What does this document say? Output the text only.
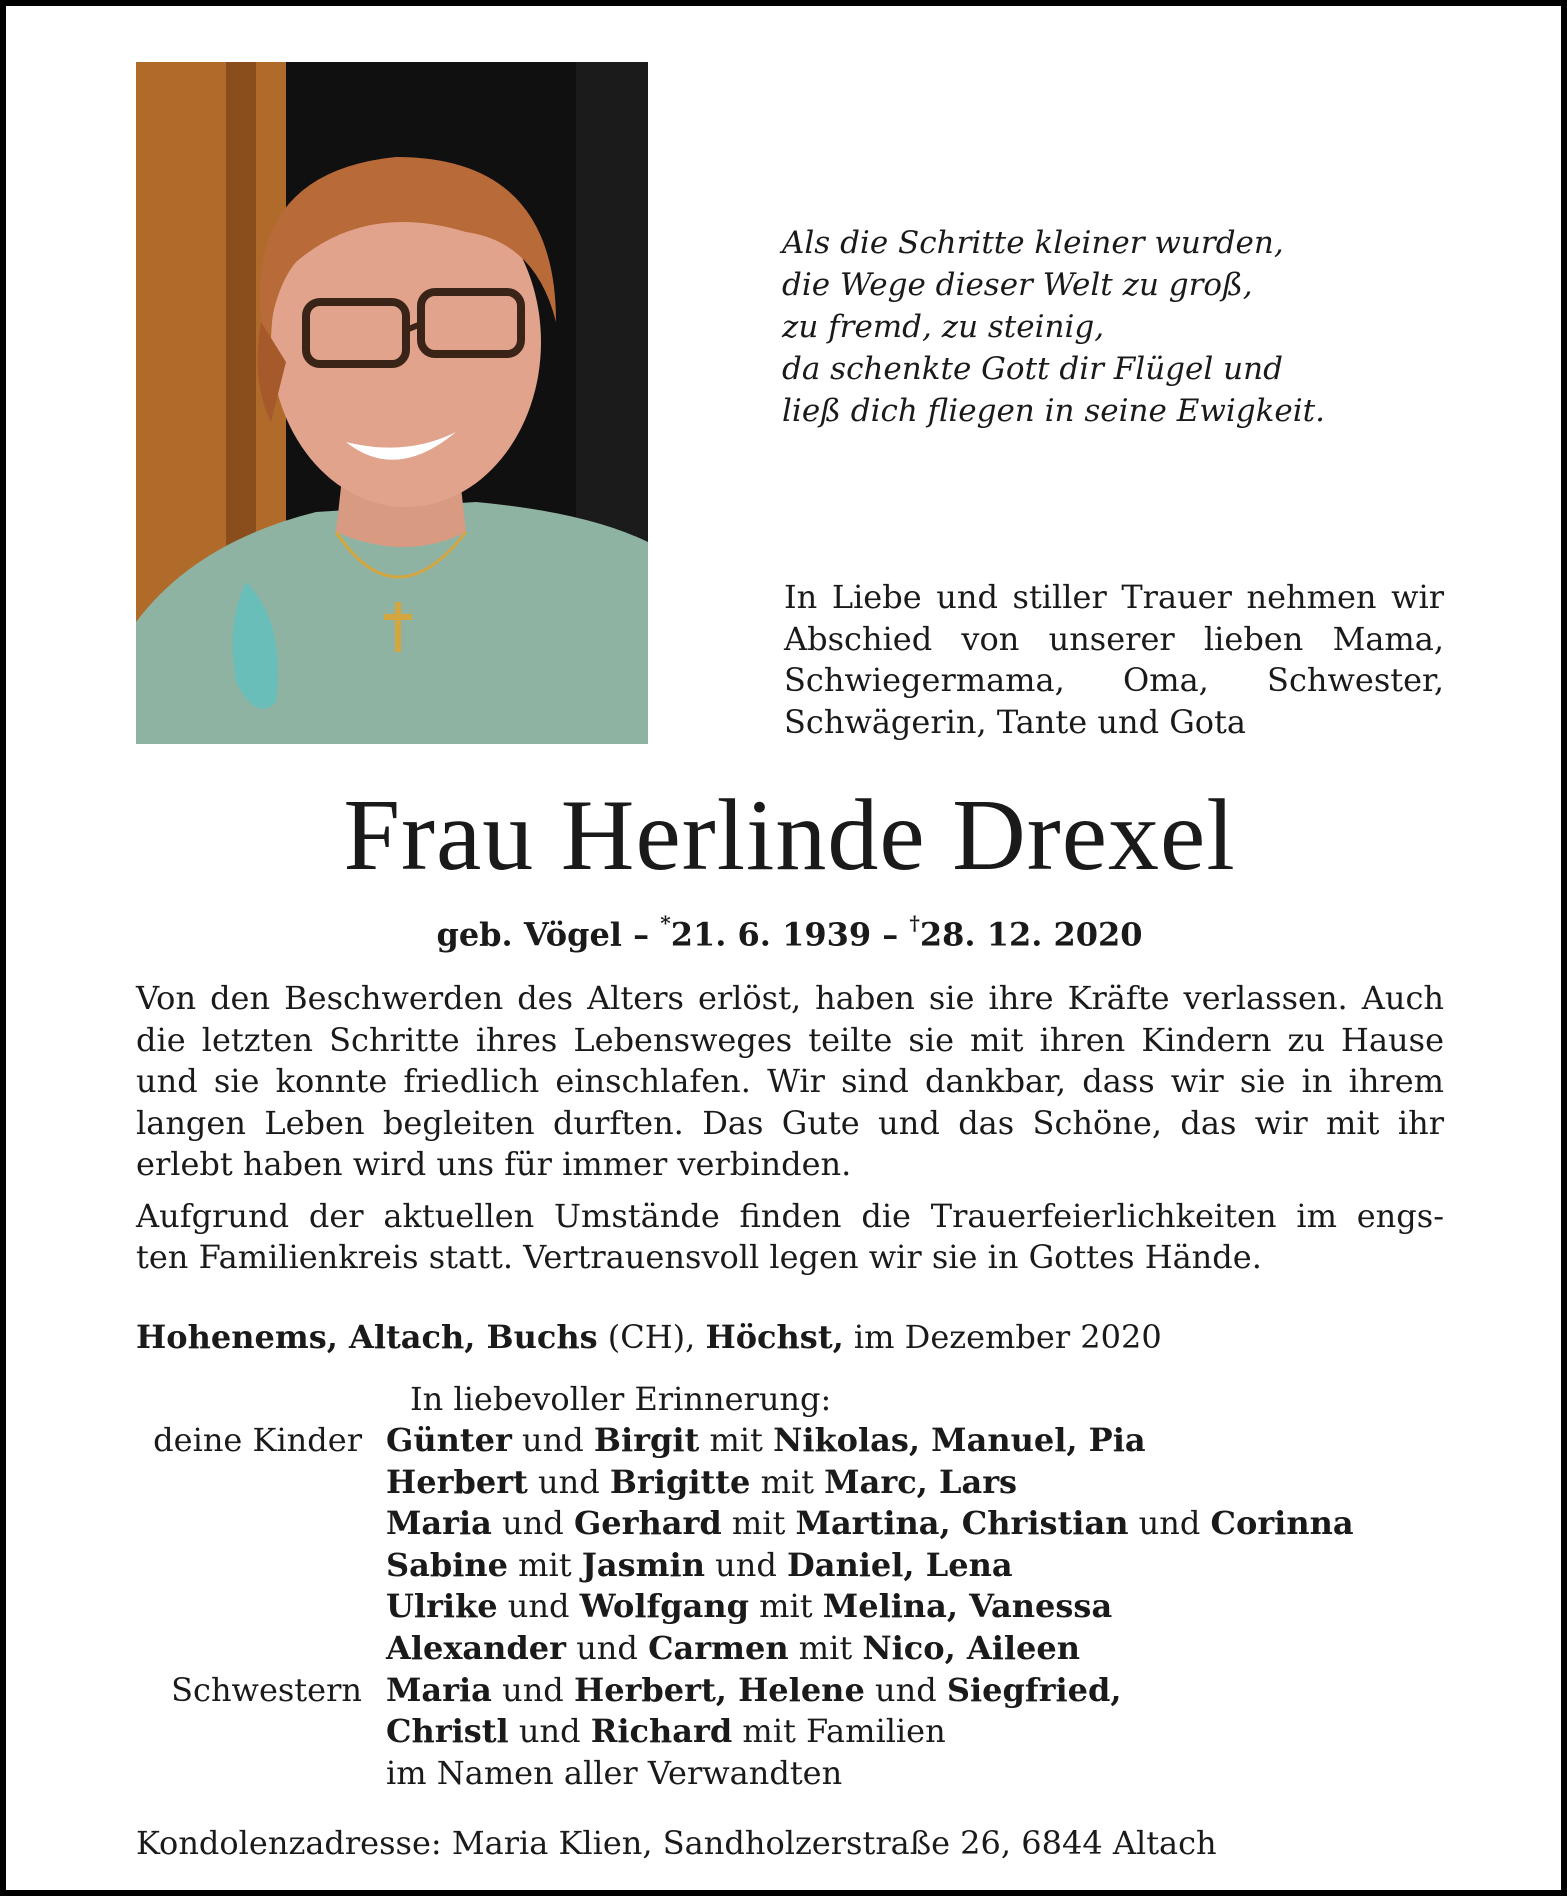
Als die Schritte kleiner wurden,
die Wege dieser Welt zu groß,
zu fremd, zu steinig,
da schenkte Gott dir Flügel und
ließ dich fliegen in seine Ewigkeit.
In Liebe und stiller Trauer nehmen wir
Abschied von unserer lieben Mama,
Schwiegermama, Oma, Schwester,
Schwägerin, Tante und Gota
Frau Herlinde Drexel
geb. Vögel – *21. 6. 1939 – †28. 12. 2020
Von den Beschwerden des Alters erlöst, haben sie ihre Kräfte verlassen. Auch
die letzten Schritte ihres Lebensweges teilte sie mit ihren Kindern zu Hause
und sie konnte friedlich einschlafen. Wir sind dankbar, dass wir sie in ihrem
langen Leben begleiten durften. Das Gute und das Schöne, das wir mit ihr
erlebt haben wird uns für immer verbinden.
Aufgrund der aktuellen Umstände finden die Trauerfeierlichkeiten im engs-
ten Familienkreis statt. Vertrauensvoll legen wir sie in Gottes Hände.
Hohenems, Altach, Buchs (CH), Höchst, im Dezember 2020
In liebevoller Erinnerung:
deine Kinder Günter und Birgit mit Nikolas, Manuel, Pia
Herbert und Brigitte mit Marc, Lars
Maria und Gerhard mit Martina, Christian und Corinna
Sabine mit Jasmin und Daniel, Lena
Ulrike und Wolfgang mit Melina, Vanessa
Alexander und Carmen mit Nico, Aileen
Schwestern Maria und Herbert, Helene und Siegfried,
Christl und Richard mit Familien
im Namen aller Verwandten
Kondolenzadresse: Maria Klien, Sandholzerstraße 26, 6844 Altach
